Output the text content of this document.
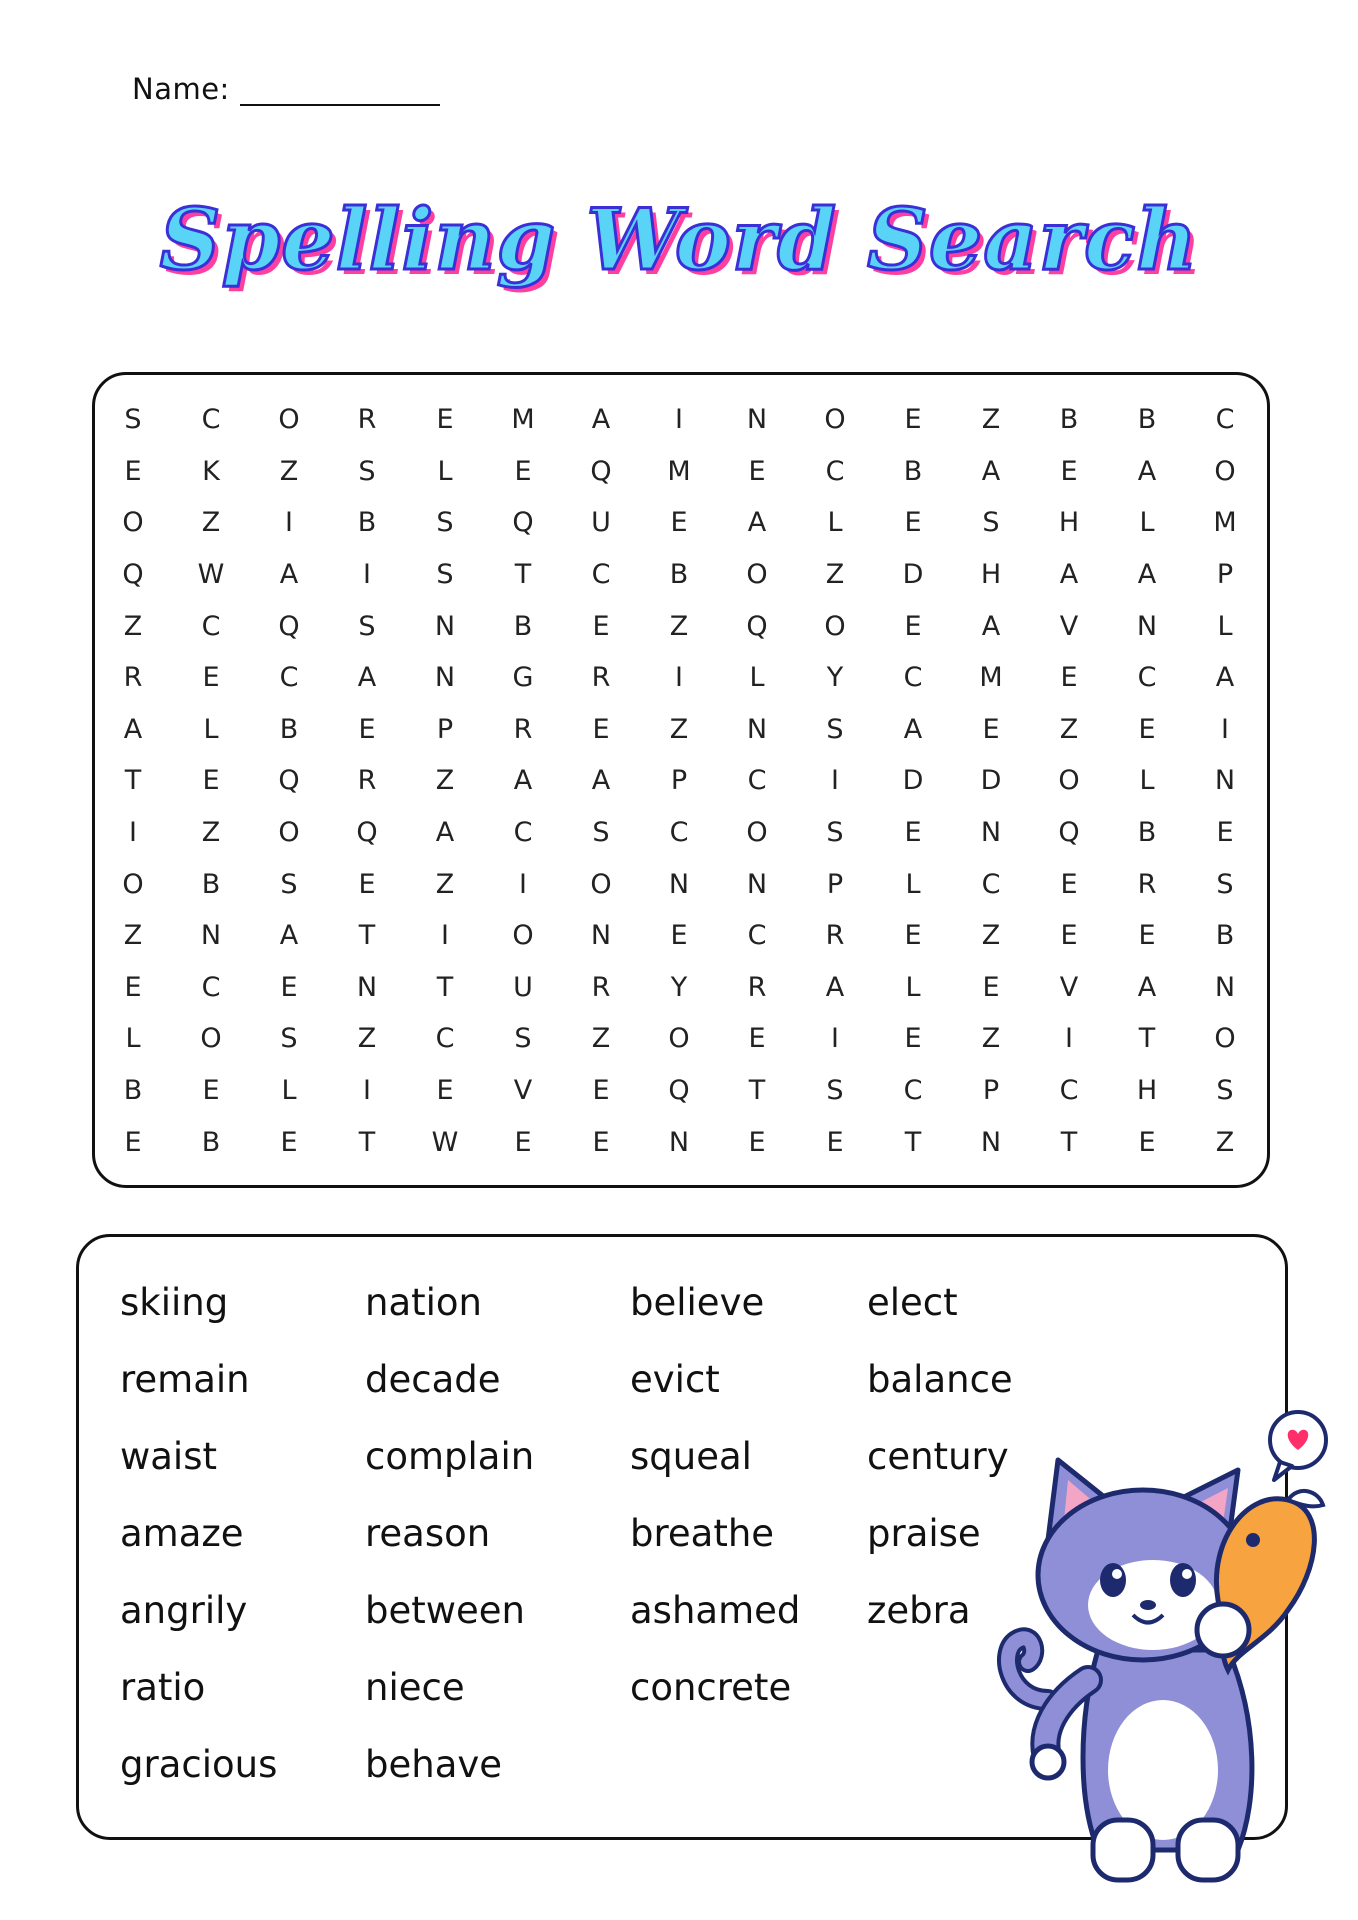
Name:
Spelling Word Search
S	C	O	R	E	M	A	I	N	O	E	Z	B	B	C
E	K	Z	S	L	E	Q	M	E	C	B	A	E	A	O
O	Z	I	B	S	Q	U	E	A	L	E	S	H	L	M
Q	W	A	I	S	T	C	B	O	Z	D	H	A	A	P
Z	C	Q	S	N	B	E	Z	Q	O	E	A	V	N	L
R	E	C	A	N	G	R	I	L	Y	C	M	E	C	A
A	L	B	E	P	R	E	Z	N	S	A	E	Z	E	I
T	E	Q	R	Z	A	A	P	C	I	D	D	O	L	N
I	Z	O	Q	A	C	S	C	O	S	E	N	Q	B	E
O	B	S	E	Z	I	O	N	N	P	L	C	E	R	S
Z	N	A	T	I	O	N	E	C	R	E	Z	E	E	B
E	C	E	N	T	U	R	Y	R	A	L	E	V	A	N
L	O	S	Z	C	S	Z	O	E	I	E	Z	I	T	O
B	E	L	I	E	V	E	Q	T	S	C	P	C	H	S
E	B	E	T	W	E	E	N	E	E	T	N	T	E	Z
skiing
remain
waist
amaze
angrily
ratio
gracious
nation
decade
complain
reason
between
niece
behave
believe
evict
squeal
breathe
ashamed
concrete
elect
balance
century
praise
zebra
